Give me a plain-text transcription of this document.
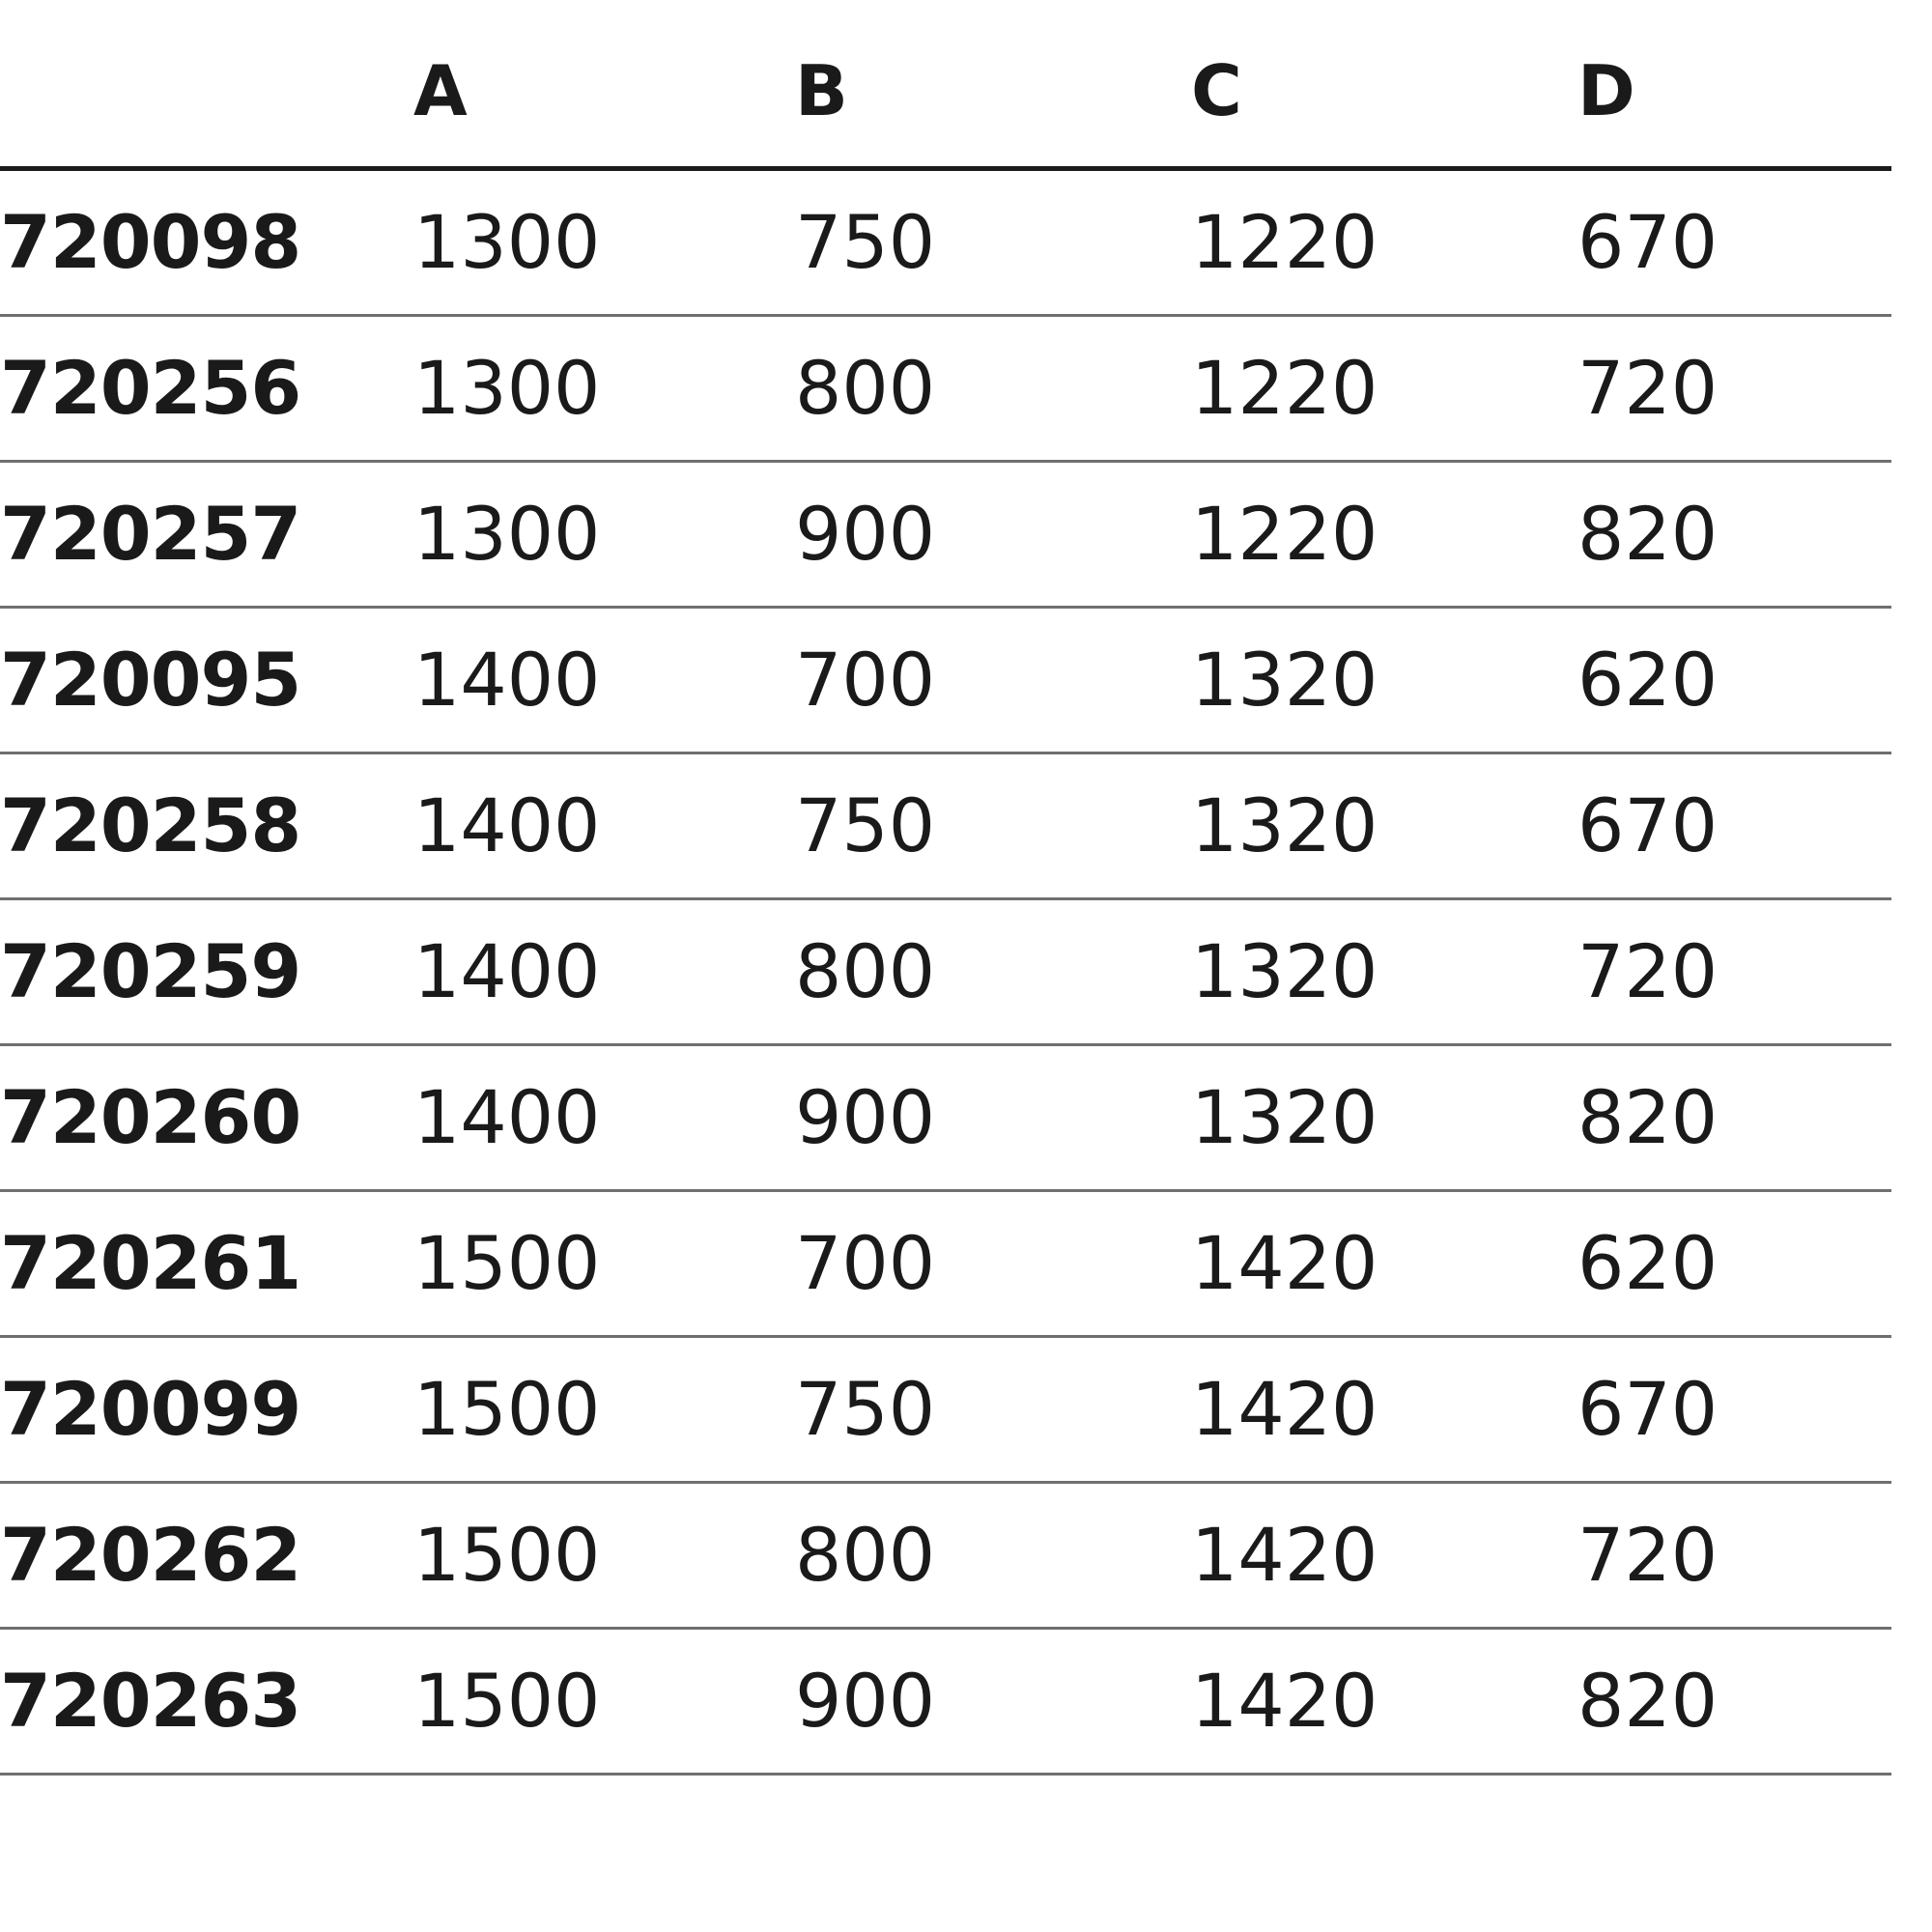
	A	B	C	D
720098	1300	750	1220	670
720256	1300	800	1220	720
720257	1300	900	1220	820
720095	1400	700	1320	620
720258	1400	750	1320	670
720259	1400	800	1320	720
720260	1400	900	1320	820
720261	1500	700	1420	620
720099	1500	750	1420	670
720262	1500	800	1420	720
720263	1500	900	1420	820
